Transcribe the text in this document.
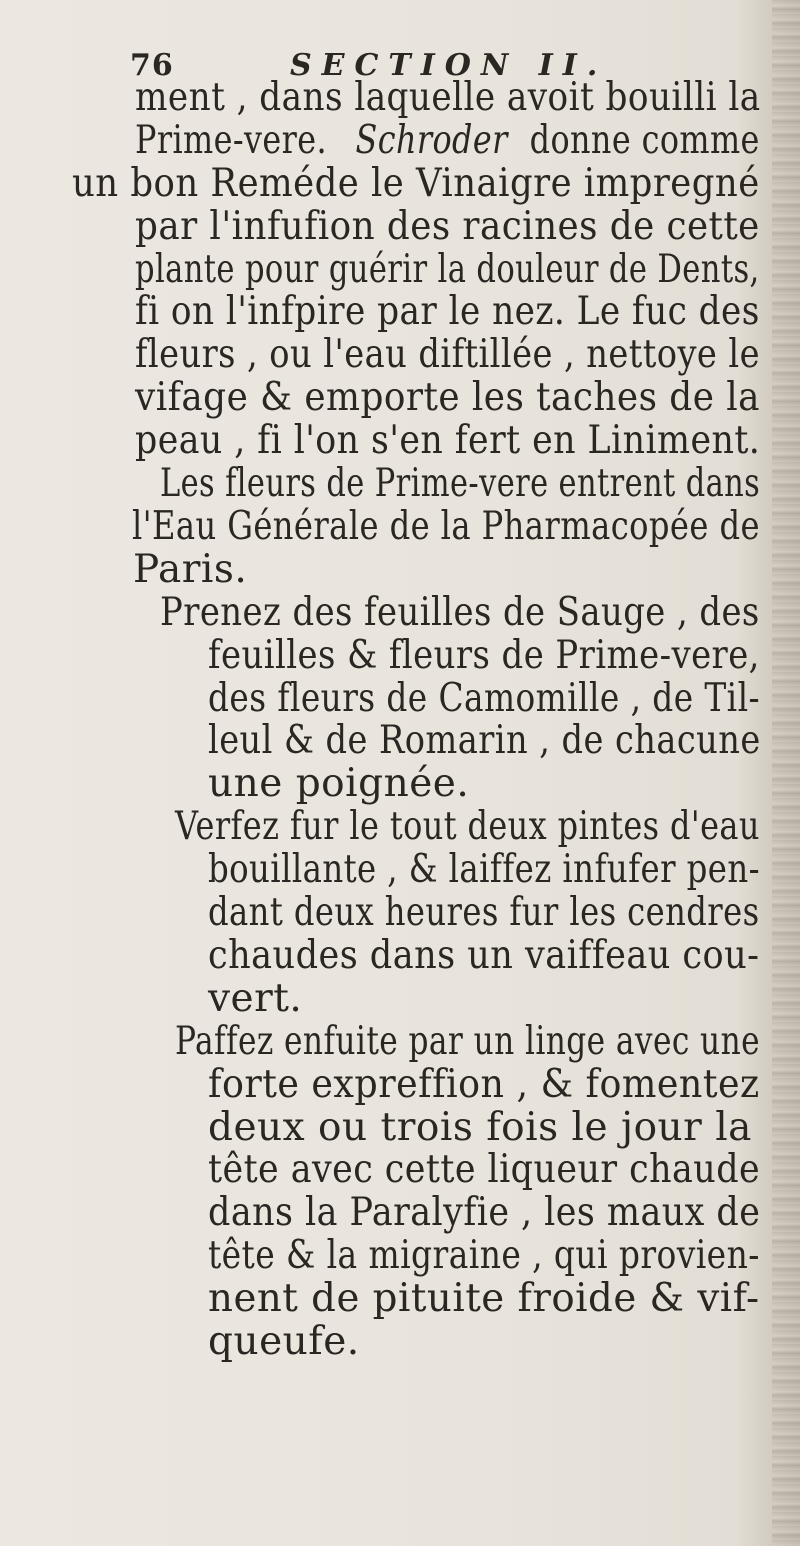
76	SECTION II.
ment , dans laquelle avoit bouilli la
Prime-vere. Schroder donne comme
un bon Reméde le Vinaigre impregné
par l'infufion des racines de cette
plante pour guérir la douleur de Dents,
fi on l'infpire par le nez. Le fuc des
fleurs , ou l'eau diftillée , nettoye le
vifage & emporte les taches de la
peau , fi l'on s'en fert en Liniment.
Les fleurs de Prime-vere entrent dans
l'Eau Générale de la Pharmacopée de
Paris.
Prenez des feuilles de Sauge , des
feuilles & fleurs de Prime-vere,
des fleurs de Camomille , de Til-
leul & de Romarin , de chacune
une poignée.
Verfez fur le tout deux pintes d'eau
bouillante , & laiffez infufer pen-
dant deux heures fur les cendres
chaudes dans un vaiffeau cou-
vert.
Paffez enfuite par un linge avec une
forte expreffion , & fomentez
deux ou trois fois le jour la
tête avec cette liqueur chaude
dans la Paralyfie , les maux de
tête & la migraine , qui provien-
nent de pituite froide & vif-
queufe.
